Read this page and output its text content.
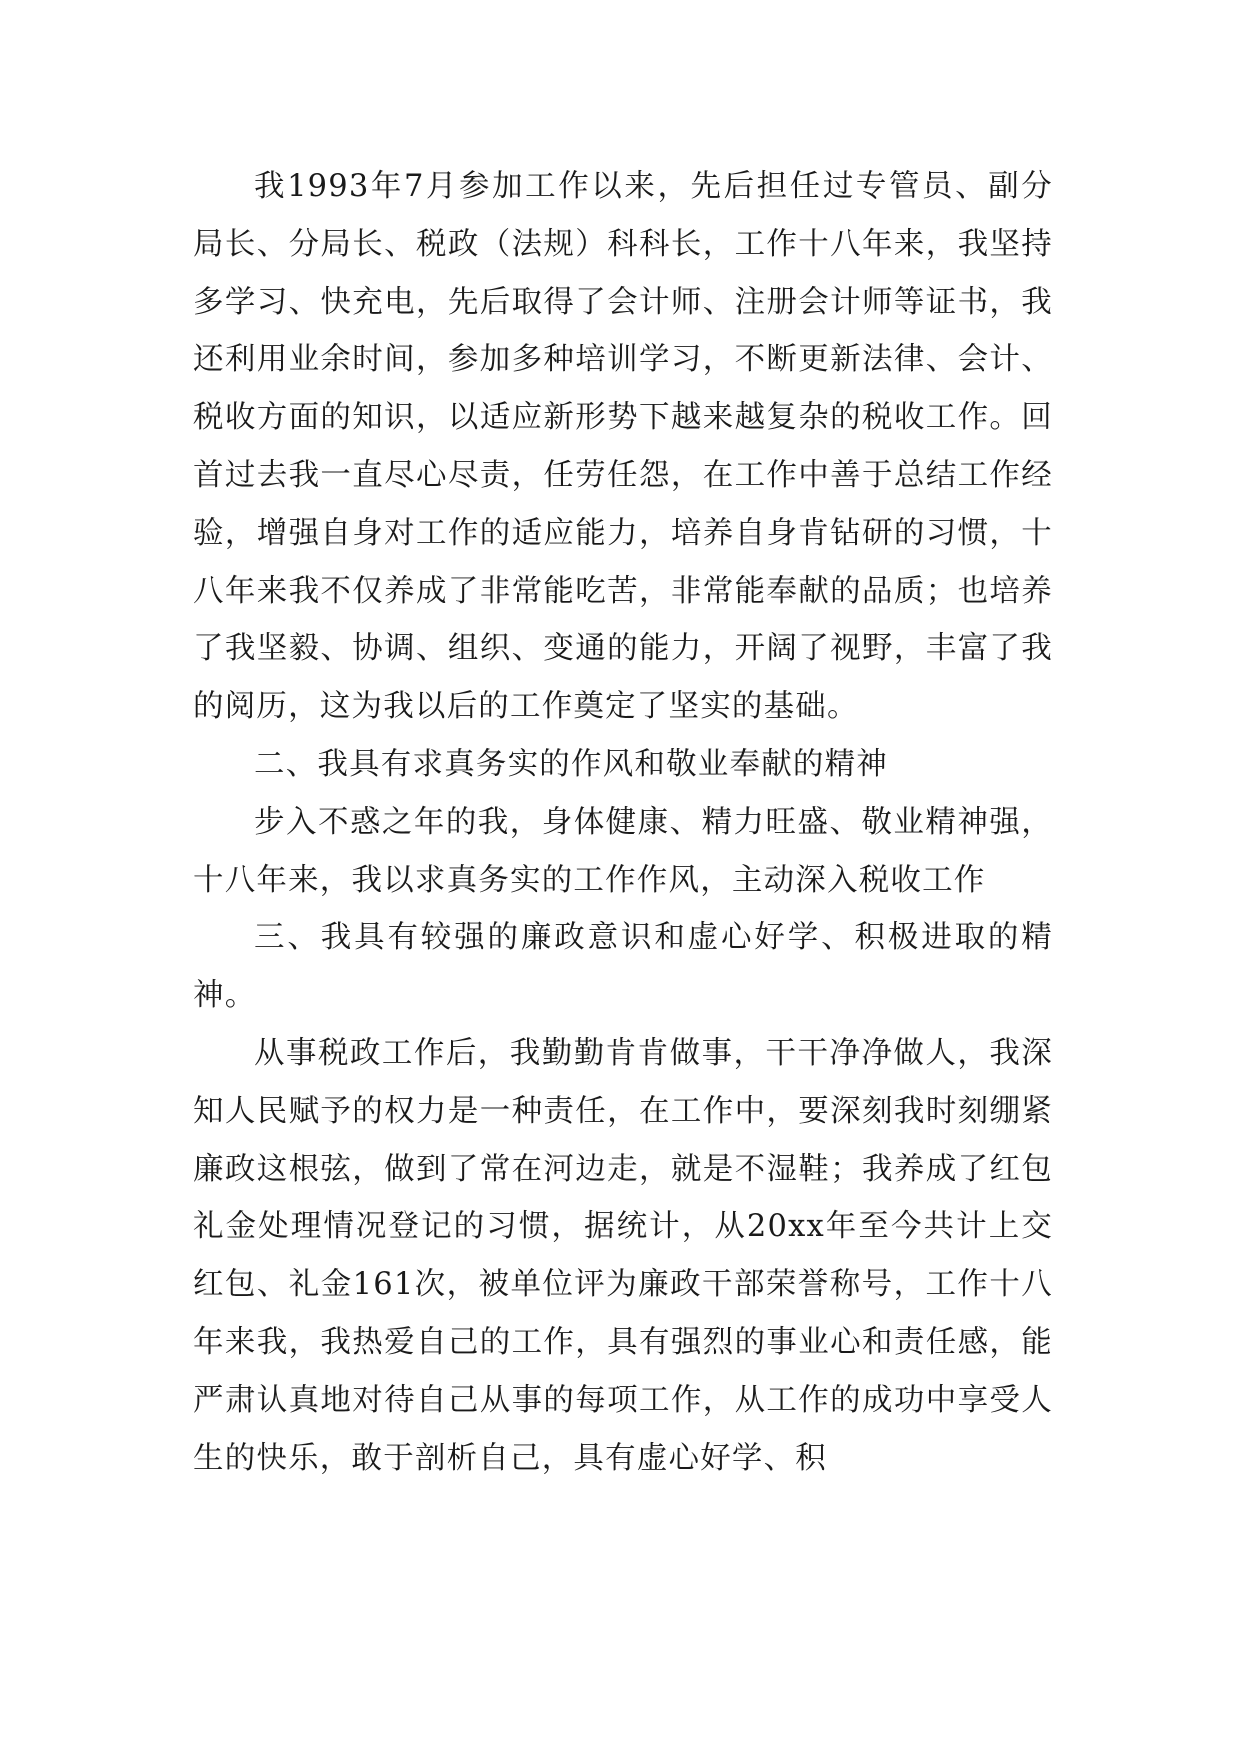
我1993年7月参加工作以来，先后担任过专管员、副分局长、分局长、税政（法规）科科长，工作十八年来，我坚持多学习、快充电，先后取得了会计师、注册会计师等证书，我还利用业余时间，参加多种培训学习，不断更新法律、会计、税收方面的知识，以适应新形势下越来越复杂的税收工作。回首过去我一直尽心尽责，任劳任怨，在工作中善于总结工作经验，增强自身对工作的适应能力，培养自身肯钻研的习惯，十八年来我不仅养成了非常能吃苦，非常能奉献的品质；也培养了我坚毅、协调、组织、变通的能力，开阔了视野，丰富了我的阅历，这为我以后的工作奠定了坚实的基础。

二、我具有求真务实的作风和敬业奉献的精神

步入不惑之年的我，身体健康、精力旺盛、敬业精神强，十八年来，我以求真务实的工作作风，主动深入税收工作

三、我具有较强的廉政意识和虚心好学、积极进取的精神。

从事税政工作后，我勤勤肯肯做事，干干净净做人，我深知人民赋予的权力是一种责任，在工作中，要深刻我时刻绷紧廉政这根弦，做到了常在河边走，就是不湿鞋；我养成了红包礼金处理情况登记的习惯，据统计，从20xx年至今共计上交红包、礼金161次，被单位评为廉政干部荣誉称号，工作十八年来我，我热爱自己的工作，具有强烈的事业心和责任感，能严肃认真地对待自己从事的每项工作，从工作的成功中享受人生的快乐，敢于剖析自己，具有虚心好学、积
